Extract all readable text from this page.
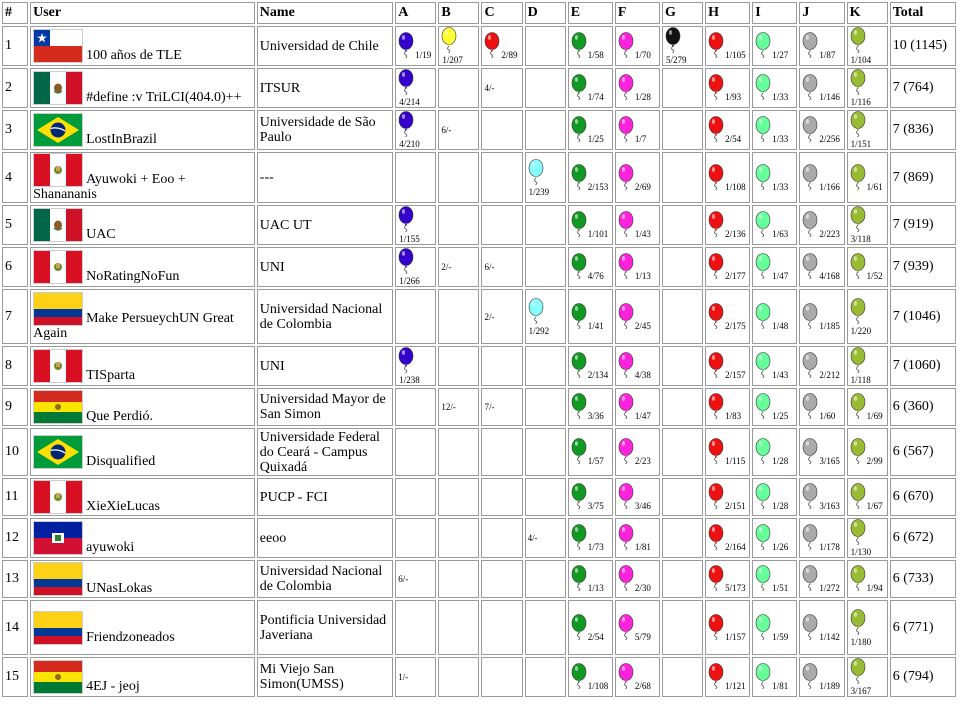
#	User	Name	A	B	C	D	E	F	G	H	I	J	K	Total
1	100 años de TLE	Universidad de Chile	1/19	1/207	2/89		1/58	1/70	5/279	1/105	1/27	1/87	1/104	10 (1145)
2	#define :v TriLCI(404.0)++	ITSUR	4/214		4/-		1/74	1/28		1/93	1/33	1/146	1/116	7 (764)
3	LostInBrazil	Universidade de São Paulo	4/210	6/-			1/25	1/7		2/54	1/33	2/256	1/151	7 (836)
4	Ayuwoki + Eoo + Shanananis	---				1/239	2/153	2/69		1/108	1/33	1/166	1/61	7 (869)
5	UAC	UAC UT	1/155				1/101	1/43		2/136	1/63	2/223	3/118	7 (919)
6	NoRatingNoFun	UNI	1/266	2/-	6/-		4/76	1/13		2/177	1/47	4/168	1/52	7 (939)
7	Make PersueychUN Great Again	Universidad Nacional de Colombia			2/-	1/292	1/41	2/45		2/175	1/48	1/185	1/220	7 (1046)
8	TISparta	UNI	1/238				2/134	4/38		2/157	1/43	2/212	1/118	7 (1060)
9	Que Perdió.	Universidad Mayor de San Simon		12/-	7/-		3/36	1/47		1/83	1/25	1/60	1/69	6 (360)
10	Disqualified	Universidade Federal do Ceará - Campus Quixadá					1/57	2/23		1/115	1/28	3/165	2/99	6 (567)
11	XieXieLucas	PUCP - FCI					3/75	3/46		2/151	1/28	3/163	1/67	6 (670)
12	ayuwoki	eeoo				4/-	1/73	1/81		2/164	1/26	1/178	1/130	6 (672)
13	UNasLokas	Universidad Nacional de Colombia	6/-				1/13	2/30		5/173	1/51	1/272	1/94	6 (733)
14	Friendzoneados	Pontificia Universidad Javeriana					2/54	5/79		1/157	1/59	1/142	1/180	6 (771)
15	4EJ - jeoj	Mi Viejo San Simon(UMSS)	1/-				1/108	2/68		1/121	1/81	1/189	3/167	6 (794)
